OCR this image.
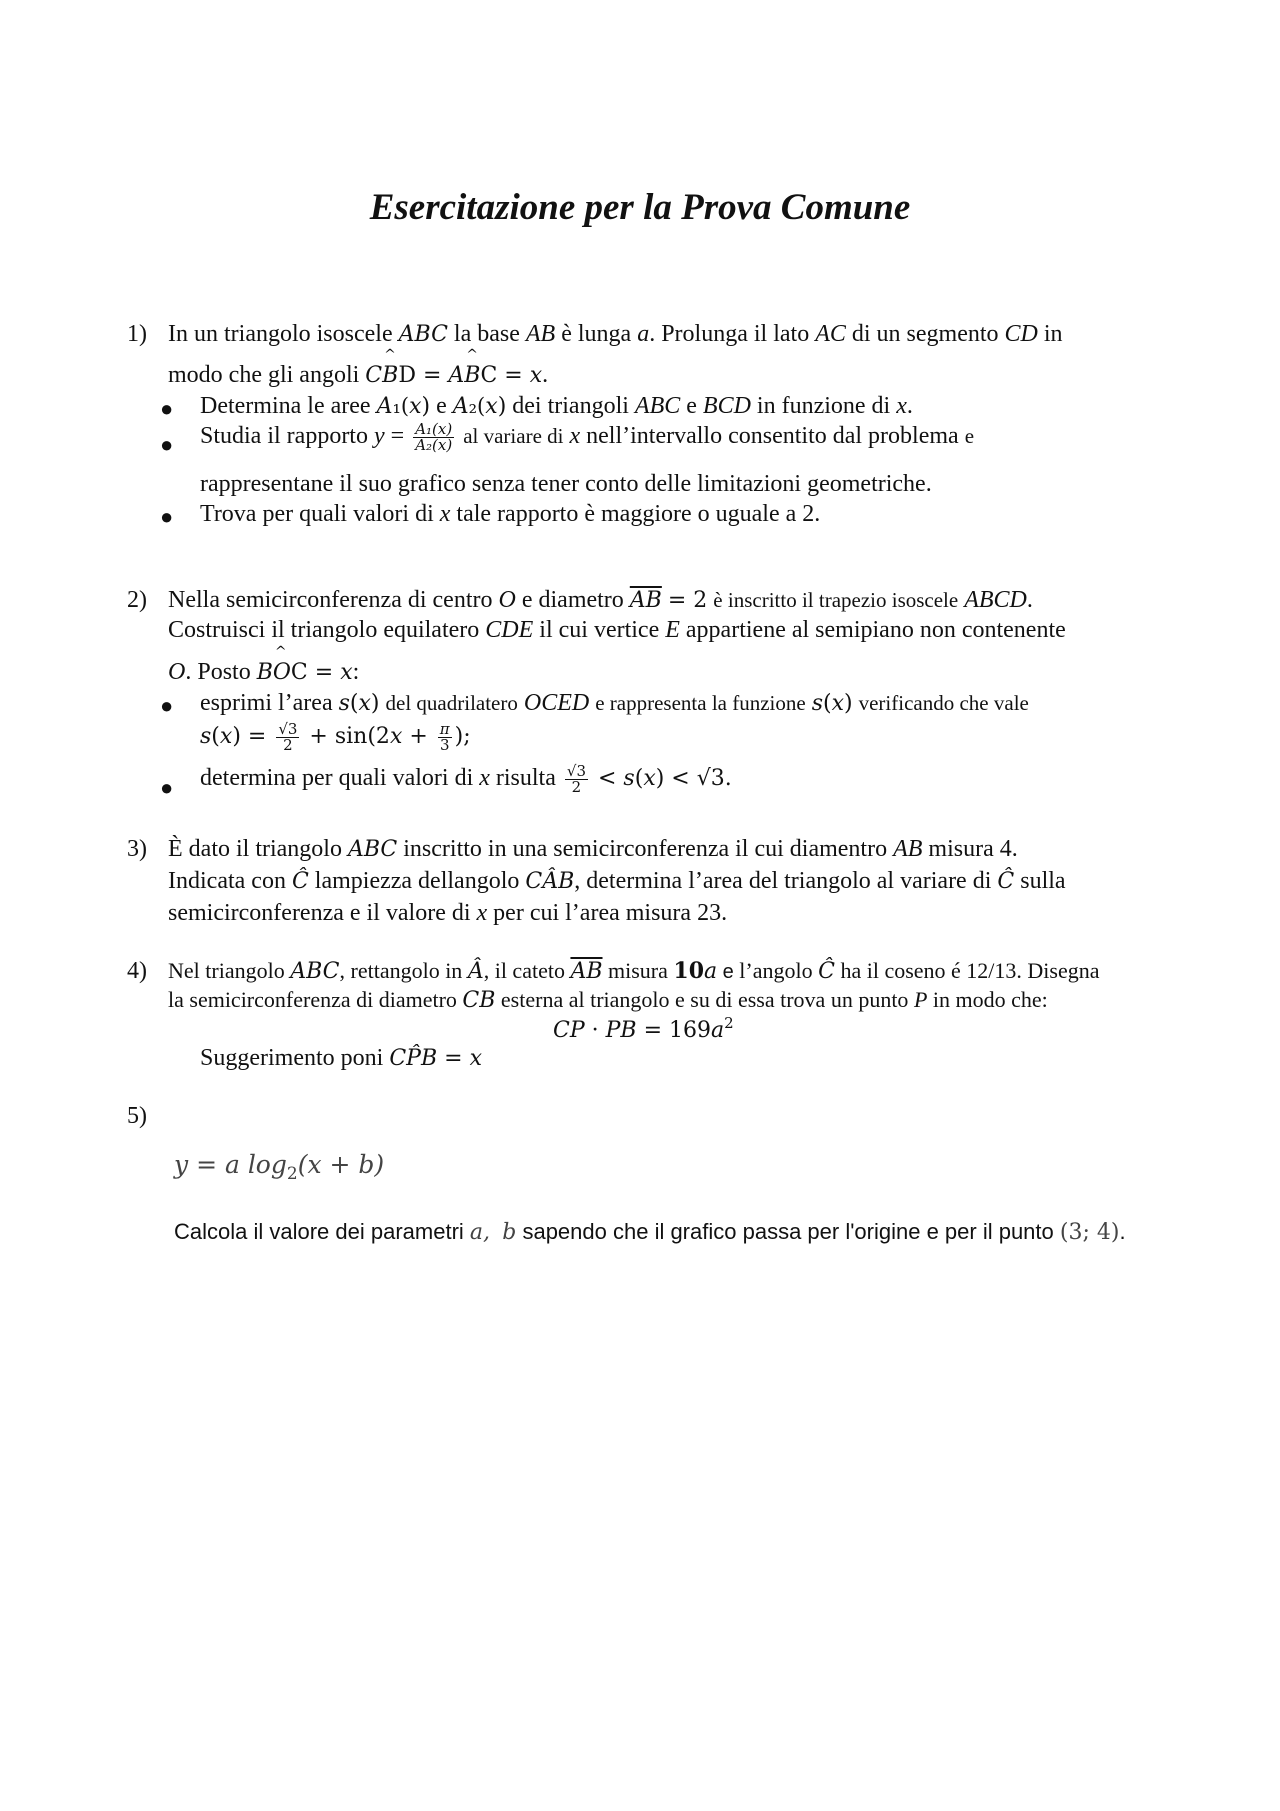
Esercitazione per la Prova Comune
1) In un triangolo isoscele ABC la base AB è lunga a. Prolunga il lato AC di un segmento CD in
modo che gli angoli C^ BD = A^ BC = x.
● Determina le aree A₁(x) e A₂(x) dei triangoli ABC e BCD in funzione di x.
● Studia il rapporto $y = \frac{\text{A₁(x)}}{\text{A₂(x)}}$ al variare di x nell’intervallo consentito dal problema e
rappresentane il suo grafico senza tener conto delle limitazioni geometriche.
● Trova per quali valori di x tale rapporto è maggiore o uguale a 2.
2) Nella semicirconferenza di centro O e diametro $\overline{AB} = 2$ è inscritto il trapezio isoscele ABCD.
Costruisci il triangolo equilatero CDE il cui vertice E appartiene al semipiano non contenente
O. Posto B^ OC = x:
● esprimi l’area s(x) del quadrilatero OCED e rappresenta la funzione s(x) verificando che vale
$s(x) = \frac{√3}{2} + \sin(2x + \frac{\pi}{3}$ );
● determina per quali valori di x risulta $\frac{√3}{2} < s(x) < √3$.
3) È dato il triangolo ABC inscritto in una semicirconferenza il cui diamentro AB misura 4.
Indicata con Ĉ lampiezza dellangolo CÂB, determina l’area del triangolo al variare di Ĉ sulla
semicirconferenza e il valore di x per cui l’area misura 23.
4) Nel triangolo ABC, rettangolo in Â, il cateto $\overline{AB}$ misura 10a e l’angolo Ĉ ha il coseno é 12/13. Disegna
la semicirconferenza di diametro CB esterna al triangolo e su di essa trova un punto P in modo che:
CP · PB = $169a^2$
Suggerimento poni CP̂B = x
5)
y = a $\log_2(x + b)$
Calcola il valore dei parametri a, b sapendo che il grafico passa per l'origine e per il punto (3; 4).
